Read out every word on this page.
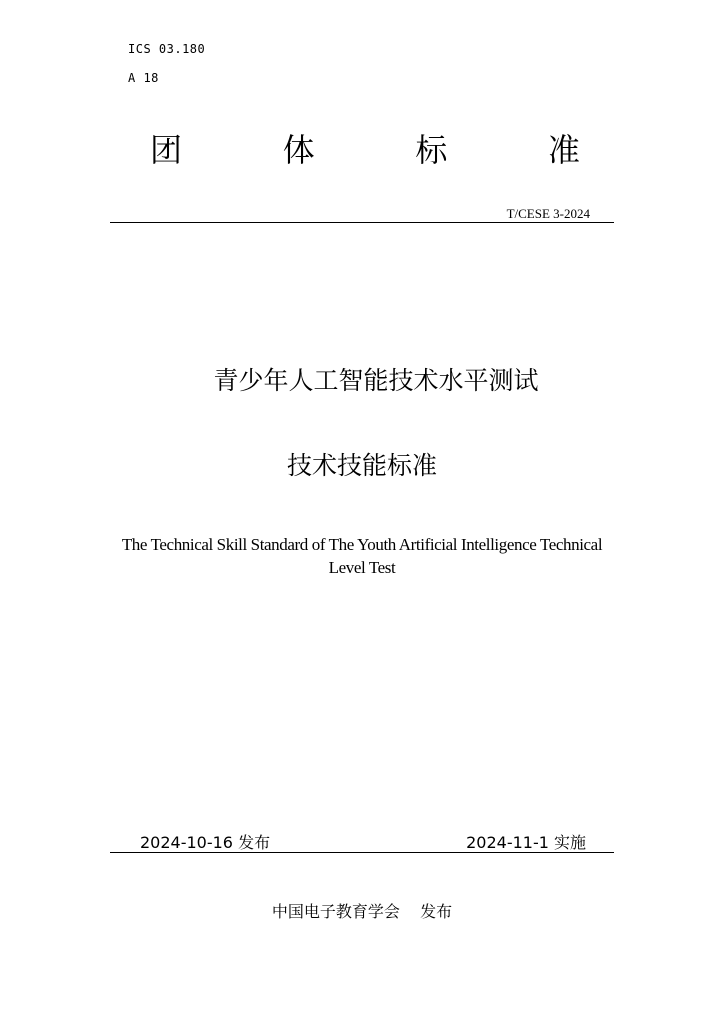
ICS 03.180
A 18
团	体	标	准
T/CESE 3-2024
青少年人工智能技术水平测试
技术技能标准
The Technical Skill Standard of The Youth Artificial Intelligence Technical Level Test
2024-10-16 发布	2024-11-1 实施
中国电子教育学会    发布
